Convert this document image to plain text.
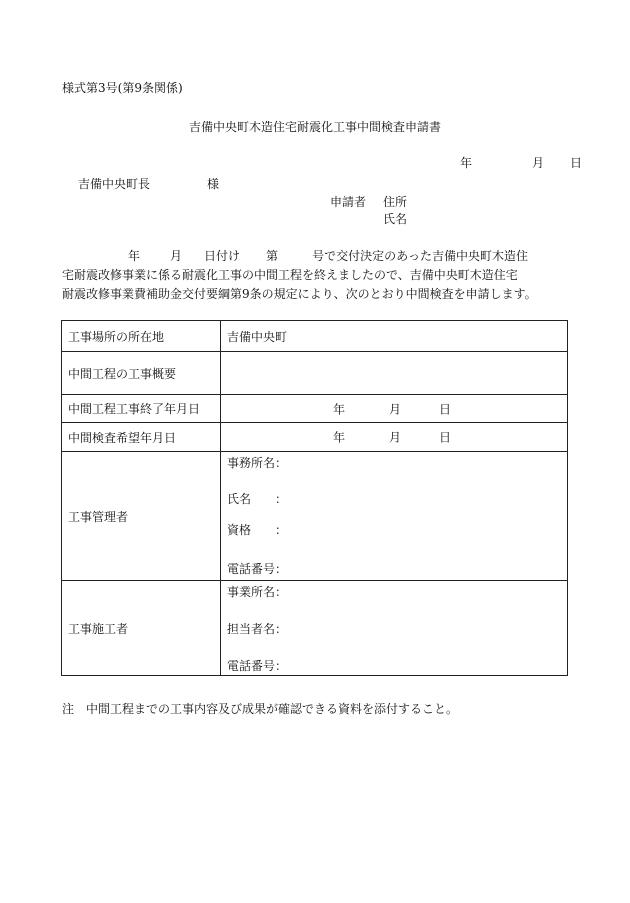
様式第3号(第9条関係)
吉備中央町木造住宅耐震化工事中間検査申請書
年	月 日
吉備中央町長	様
申請者 住所
氏名
年	月 日付け 第	号で交付決定のあった吉備中央町木造住
宅耐震改修事業に係る耐震化工事の中間工程を終えましたので、吉備中央町木造住宅
耐震改修事業費補助金交付要綱第9条の規定により、次のとおり中間検査を申請します。
工事場所の所在地	吉備中央町
中間工程の工事概要	
中間工程工事終了年月日	年 月 日

中間検査希望年月日	年 月 日

工事管理者	事務所名：
氏名　　：
資格　　：
電話番号：

工事施工者	事業所名：
担当者名：
電話番号：
注　中間工程までの工事内容及び成果が確認できる資料を添付すること。
